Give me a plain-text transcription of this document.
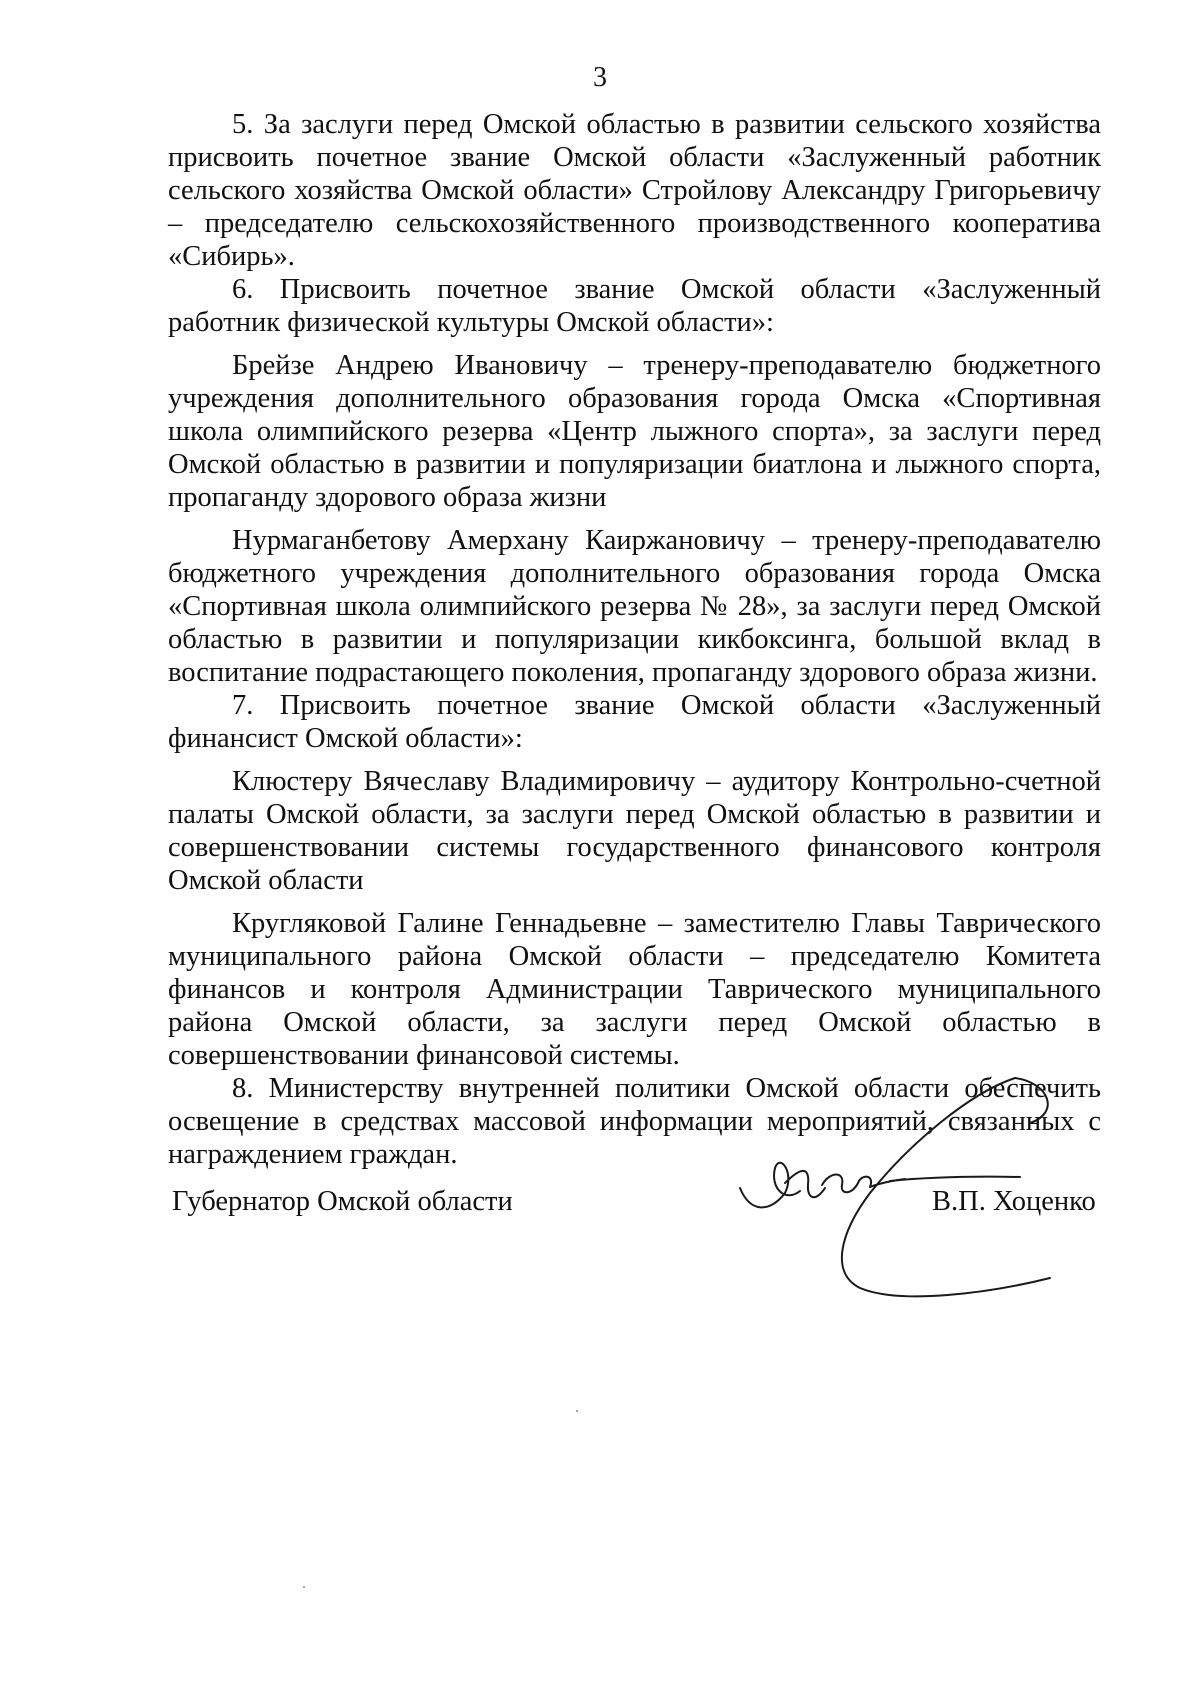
3

5. За заслуги перед Омской областью в развитии сельского хозяйства присвоить почетное звание Омской области «Заслуженный работник сельского хозяйства Омской области» Стройлову Александру Григорьевичу – председателю сельскохозяйственного производственного кооператива «Сибирь».

6. Присвоить почетное звание Омской области «Заслуженный работник физической культуры Омской области»:

Брейзе Андрею Ивановичу – тренеру-преподавателю бюджетного учреждения дополнительного образования города Омска «Спортивная школа олимпийского резерва «Центр лыжного спорта», за заслуги перед Омской областью в развитии и популяризации биатлона и лыжного спорта, пропаганду здорового образа жизни

Нурмаганбетову Амерхану Каиржановичу – тренеру-преподавателю бюджетного учреждения дополнительного образования города Омска «Спортивная школа олимпийского резерва № 28», за заслуги перед Омской областью в развитии и популяризации кикбоксинга, большой вклад в воспитание подрастающего поколения, пропаганду здорового образа жизни.

7. Присвоить почетное звание Омской области «Заслуженный финансист Омской области»:

Клюстеру Вячеславу Владимировичу – аудитору Контрольно-счетной палаты Омской области, за заслуги перед Омской областью в развитии и совершенствовании системы государственного финансового контроля Омской области

Кругляковой Галине Геннадьевне – заместителю Главы Таврического муниципального района Омской области – председателю Комитета финансов и контроля Администрации Таврического муниципального района Омской области, за заслуги перед Омской областью в совершенствовании финансовой системы.

8. Министерству внутренней политики Омской области обеспечить освещение в средствах массовой информации мероприятий, связанных с награждением граждан.

Губернатор Омской области	В.П. Хоценко
